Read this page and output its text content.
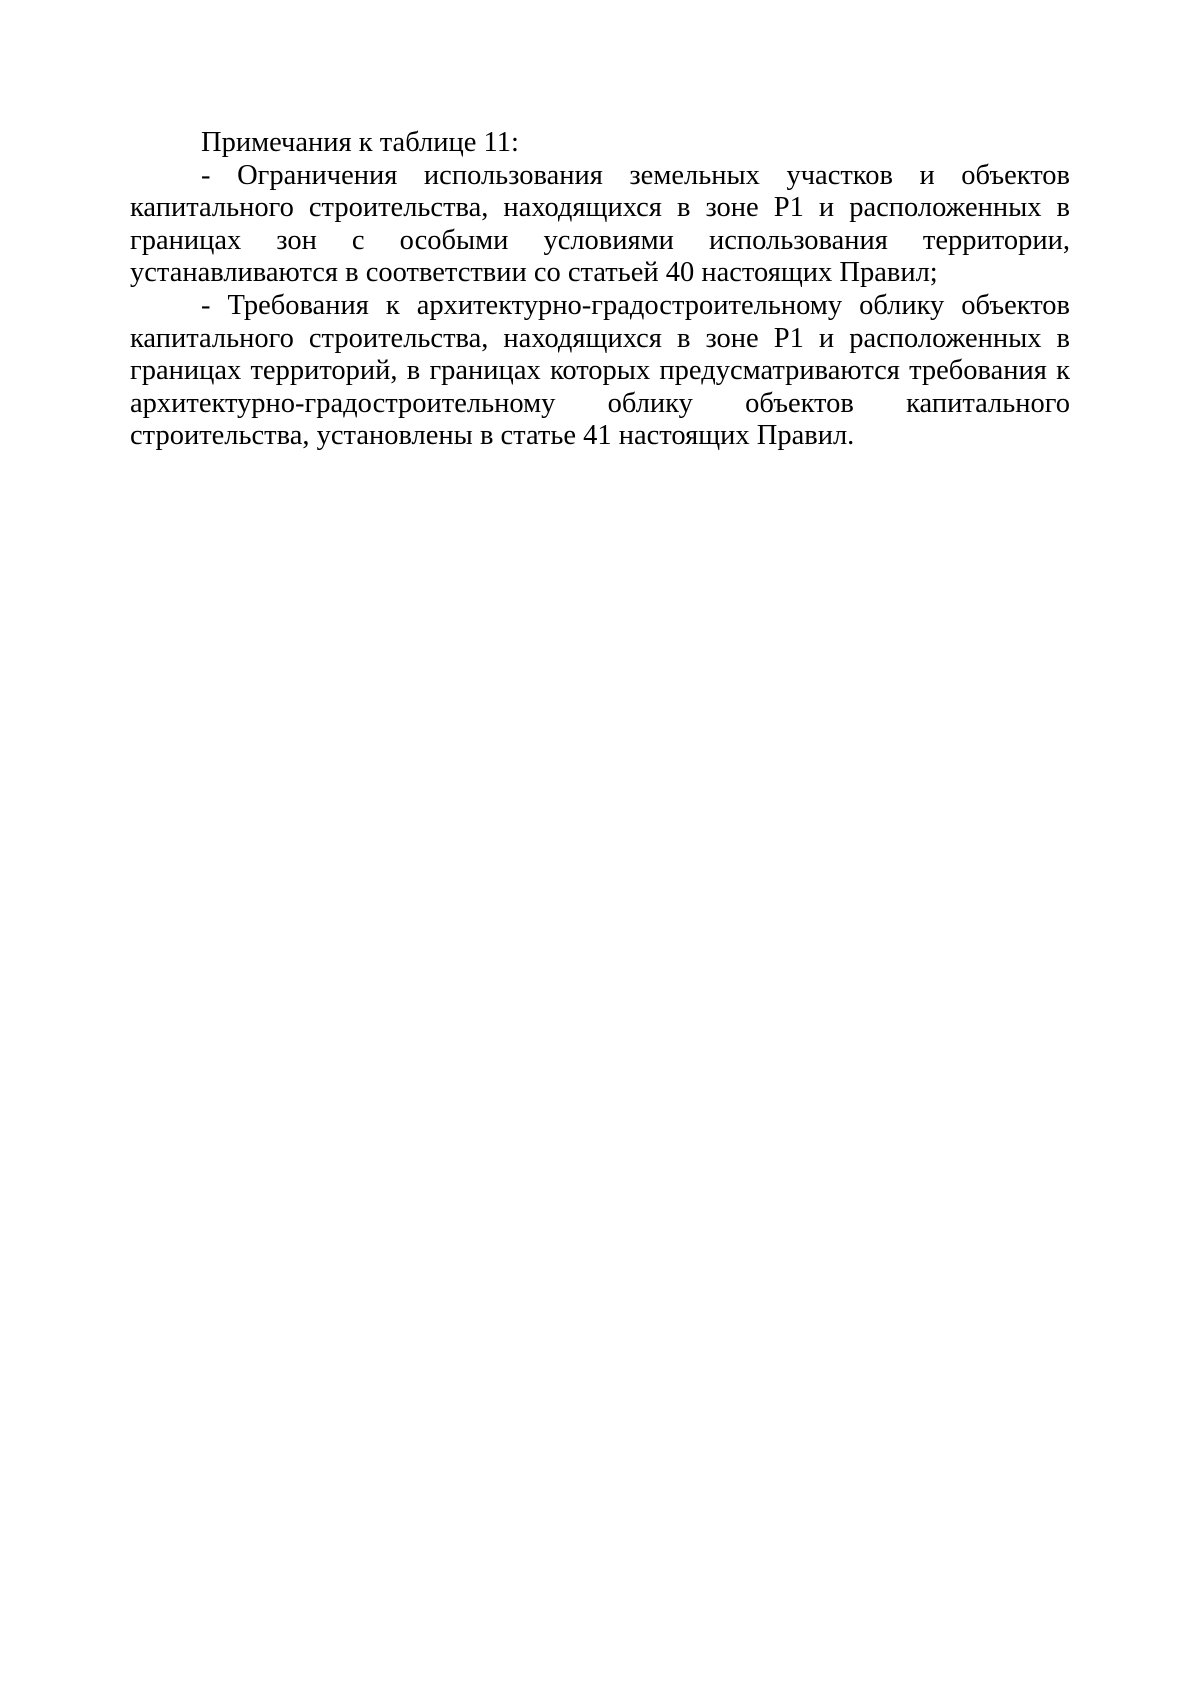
Примечания к таблице 11:

- Ограничения использования земельных участков и объектов капитального строительства, находящихся в зоне Р1 и расположенных в границах зон с особыми условиями использования территории, устанавливаются в соответствии со статьей 40 настоящих Правил;

- Требования к архитектурно-градостроительному облику объектов капитального строительства, находящихся в зоне Р1 и расположенных в границах территорий, в границах которых предусматриваются требования к архитектурно-градостроительному облику объектов капитального строительства, установлены в статье 41 настоящих Правил.
